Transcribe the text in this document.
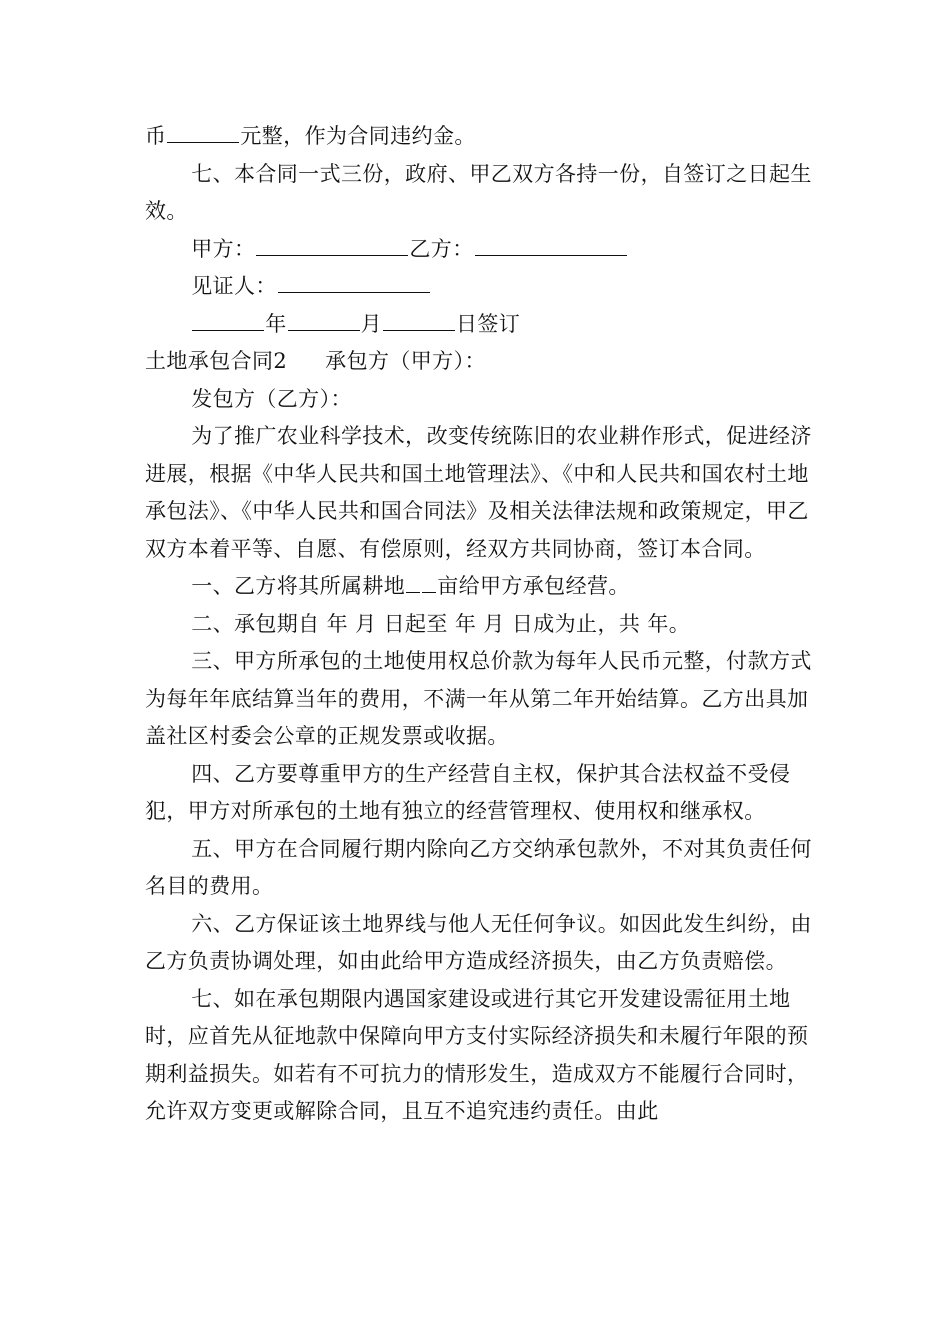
币	元整，作为合同违约金。

七、本合同一式三份，政府、甲乙双方各持一份，自签订之日起生效。

甲方：	乙方：

见证人：

年	月	日签订

土地承包合同2 承包方（甲方）：

发包方（乙方）：

为了推广农业科学技术，改变传统陈旧的农业耕作形式，促进经济进展，根据《中华人民共和国土地管理法》、《中和人民共和国农村土地承包法》、《中华人民共和国合同法》及相关法律法规和政策规定，甲乙双方本着平等、自愿、有偿原则，经双方共同协商，签订本合同。

一、乙方将其所属耕地 亩给甲方承包经营。

二、承包期自 年 月 日起至 年 月 日成为止，共 年。

三、甲方所承包的土地使用权总价款为每年人民币元整，付款方式为每年年底结算当年的费用，不满一年从第二年开始结算。乙方出具加盖社区村委会公章的正规发票或收据。

四、乙方要尊重甲方的生产经营自主权，保护其合法权益不受侵犯，甲方对所承包的土地有独立的经营管理权、使用权和继承权。

五、甲方在合同履行期内除向乙方交纳承包款外，不对其负责任何名目的费用。

六、乙方保证该土地界线与他人无任何争议。如因此发生纠纷，由乙方负责协调处理，如由此给甲方造成经济损失，由乙方负责赔偿。

七、如在承包期限内遇国家建设或进行其它开发建设需征用土地时，应首先从征地款中保障向甲方支付实际经济损失和未履行年限的预期利益损失。如若有不可抗力的情形发生，造成双方不能履行合同时，允许双方变更或解除合同，且互不追究违约责任。由此
